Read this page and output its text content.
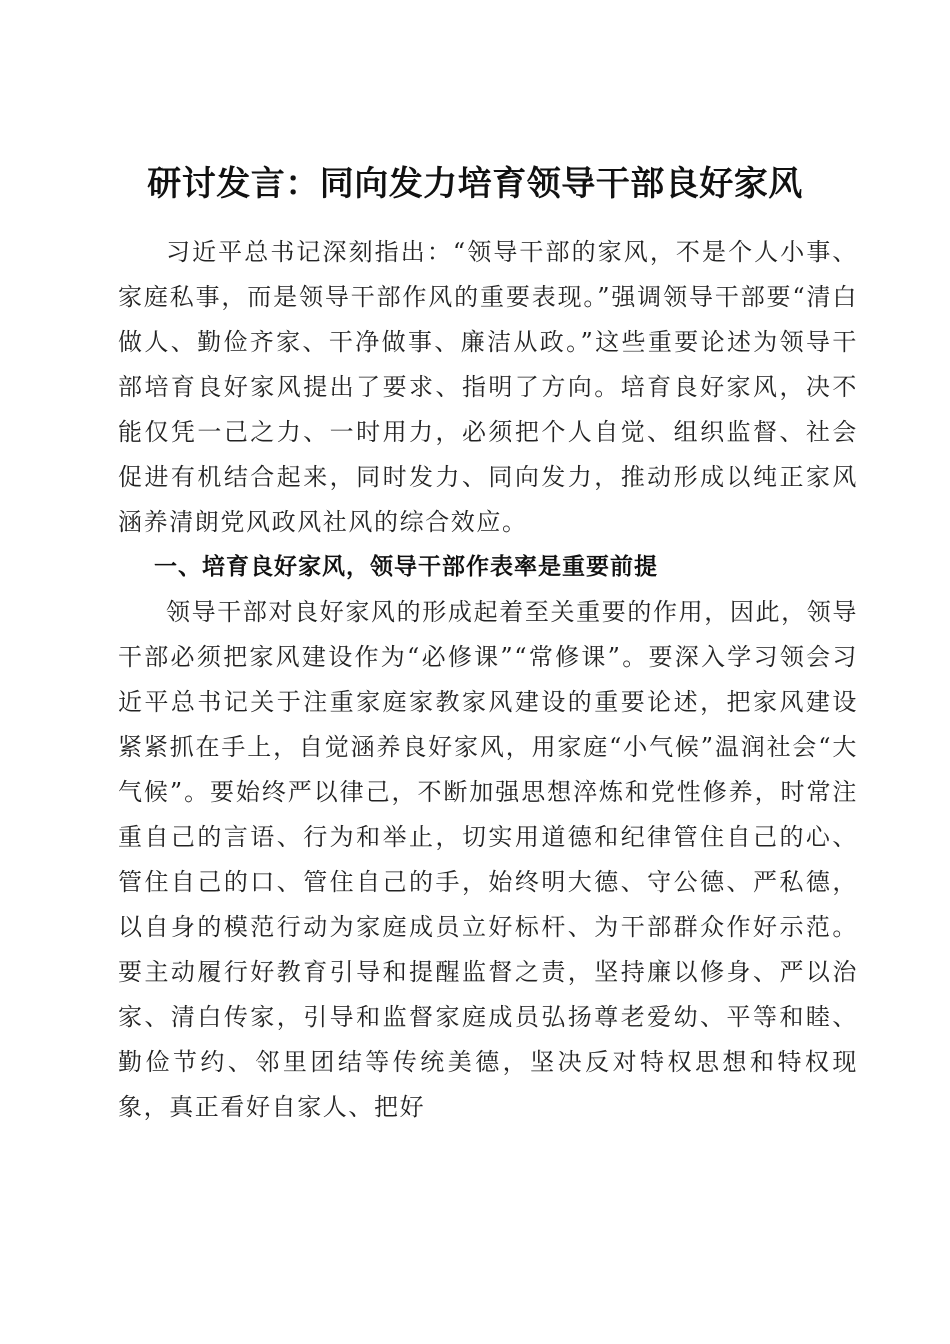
研讨发言：同向发力培育领导干部良好家风

习近平总书记深刻指出：“领导干部的家风，不是个人小事、家庭私事，而是领导干部作风的重要表现。”强调领导干部要“清白做人、勤俭齐家、干净做事、廉洁从政。”这些重要论述为领导干部培育良好家风提出了要求、指明了方向。培育良好家风，决不能仅凭一己之力、一时用力，必须把个人自觉、组织监督、社会促进有机结合起来，同时发力、同向发力，推动形成以纯正家风涵养清朗党风政风社风的综合效应。

一、培育良好家风，领导干部作表率是重要前提

领导干部对良好家风的形成起着至关重要的作用，因此，领导干部必须把家风建设作为“必修课”“常修课”。要深入学习领会习近平总书记关于注重家庭家教家风建设的重要论述，把家风建设紧紧抓在手上，自觉涵养良好家风，用家庭“小气候”温润社会“大气候”。要始终严以律己，不断加强思想淬炼和党性修养，时常注重自己的言语、行为和举止，切实用道德和纪律管住自己的心、管住自己的口、管住自己的手，始终明大德、守公德、严私德，以自身的模范行动为家庭成员立好标杆、为干部群众作好示范。要主动履行好教育引导和提醒监督之责，坚持廉以修身、严以治家、清白传家，引导和监督家庭成员弘扬尊老爱幼、平等和睦、勤俭节约、邻里团结等传统美德，坚决反对特权思想和特权现象，真正看好自家人、把好
